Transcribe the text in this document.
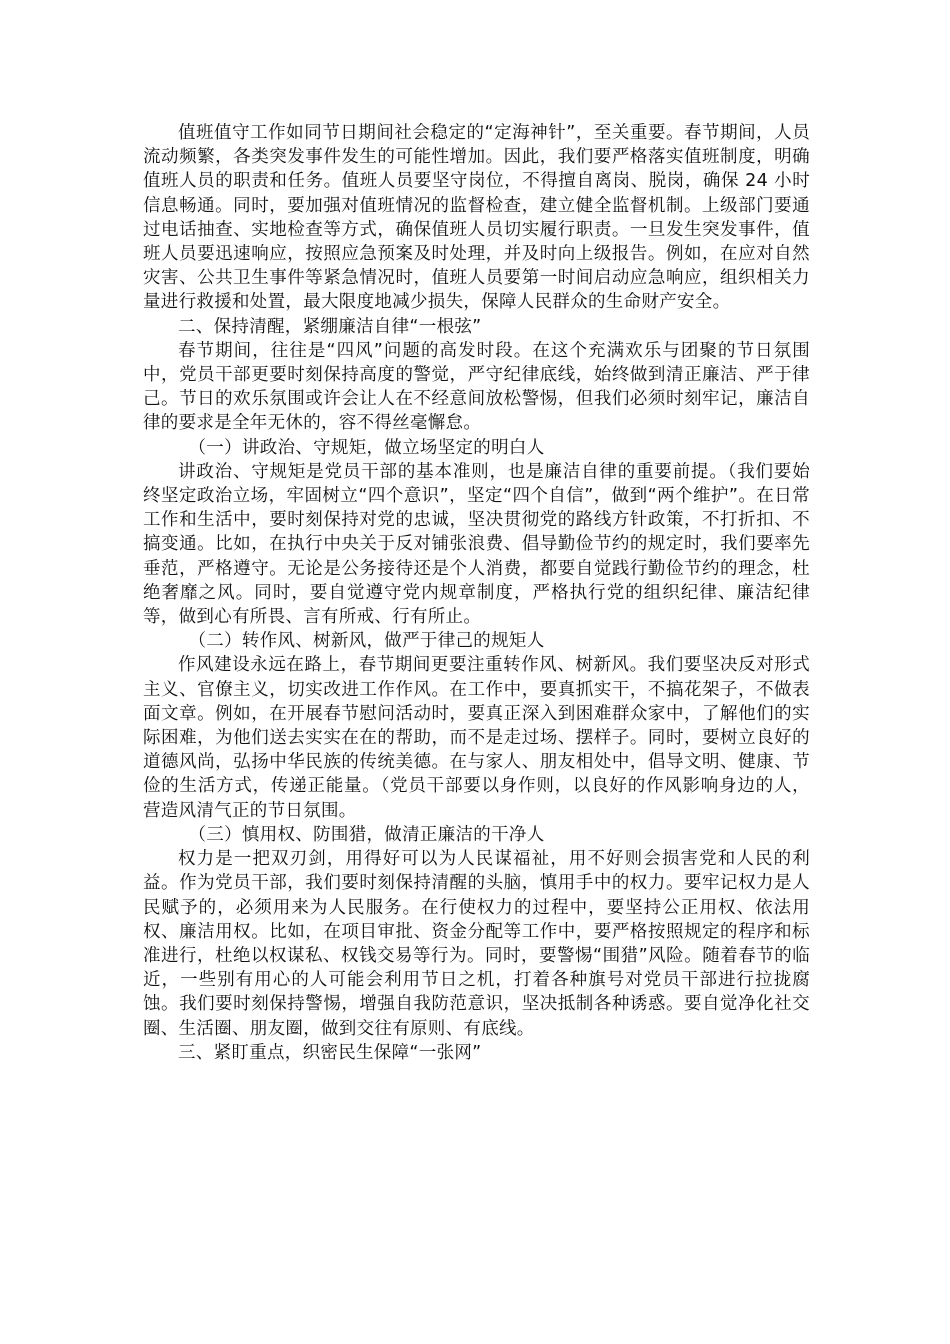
值班值守工作如同节日期间社会稳定的“定海神针”，至关重要。春节期间，人员流动频繁，各类突发事件发生的可能性增加。因此，我们要严格落实值班制度，明确值班人员的职责和任务。值班人员要坚守岗位，不得擅自离岗、脱岗，确保 24 小时信息畅通。同时，要加强对值班情况的监督检查，建立健全监督机制。上级部门要通过电话抽查、实地检查等方式，确保值班人员切实履行职责。一旦发生突发事件，值班人员要迅速响应，按照应急预案及时处理，并及时向上级报告。例如，在应对自然灾害、公共卫生事件等紧急情况时，值班人员要第一时间启动应急响应，组织相关力量进行救援和处置，最大限度地减少损失，保障人民群众的生命财产安全。

二、保持清醒，紧绷廉洁自律“一根弦”

春节期间，往往是“四风”问题的高发时段。在这个充满欢乐与团聚的节日氛围中，党员干部更要时刻保持高度的警觉，严守纪律底线，始终做到清正廉洁、严于律己。节日的欢乐氛围或许会让人在不经意间放松警惕，但我们必须时刻牢记，廉洁自律的要求是全年无休的，容不得丝毫懈怠。

（一）讲政治、守规矩，做立场坚定的明白人

讲政治、守规矩是党员干部的基本准则，也是廉洁自律的重要前提。（我们要始终坚定政治立场，牢固树立“四个意识”，坚定“四个自信”，做到“两个维护”。在日常工作和生活中，要时刻保持对党的忠诚，坚决贯彻党的路线方针政策，不打折扣、不搞变通。比如，在执行中央关于反对铺张浪费、倡导勤俭节约的规定时，我们要率先垂范，严格遵守。无论是公务接待还是个人消费，都要自觉践行勤俭节约的理念，杜绝奢靡之风。同时，要自觉遵守党内规章制度，严格执行党的组织纪律、廉洁纪律等，做到心有所畏、言有所戒、行有所止。

（二）转作风、树新风，做严于律己的规矩人

作风建设永远在路上，春节期间更要注重转作风、树新风。我们要坚决反对形式主义、官僚主义，切实改进工作作风。在工作中，要真抓实干，不搞花架子，不做表面文章。例如，在开展春节慰问活动时，要真正深入到困难群众家中，了解他们的实际困难，为他们送去实实在在的帮助，而不是走过场、摆样子。同时，要树立良好的道德风尚，弘扬中华民族的传统美德。在与家人、朋友相处中，倡导文明、健康、节俭的生活方式，传递正能量。（党员干部要以身作则，以良好的作风影响身边的人，营造风清气正的节日氛围。

（三）慎用权、防围猎，做清正廉洁的干净人

权力是一把双刃剑，用得好可以为人民谋福祉，用不好则会损害党和人民的利益。作为党员干部，我们要时刻保持清醒的头脑，慎用手中的权力。要牢记权力是人民赋予的，必须用来为人民服务。在行使权力的过程中，要坚持公正用权、依法用权、廉洁用权。比如，在项目审批、资金分配等工作中，要严格按照规定的程序和标准进行，杜绝以权谋私、权钱交易等行为。同时，要警惕“围猎”风险。随着春节的临近，一些别有用心的人可能会利用节日之机，打着各种旗号对党员干部进行拉拢腐蚀。我们要时刻保持警惕，增强自我防范意识，坚决抵制各种诱惑。要自觉净化社交圈、生活圈、朋友圈，做到交往有原则、有底线。

三、紧盯重点，织密民生保障“一张网”
